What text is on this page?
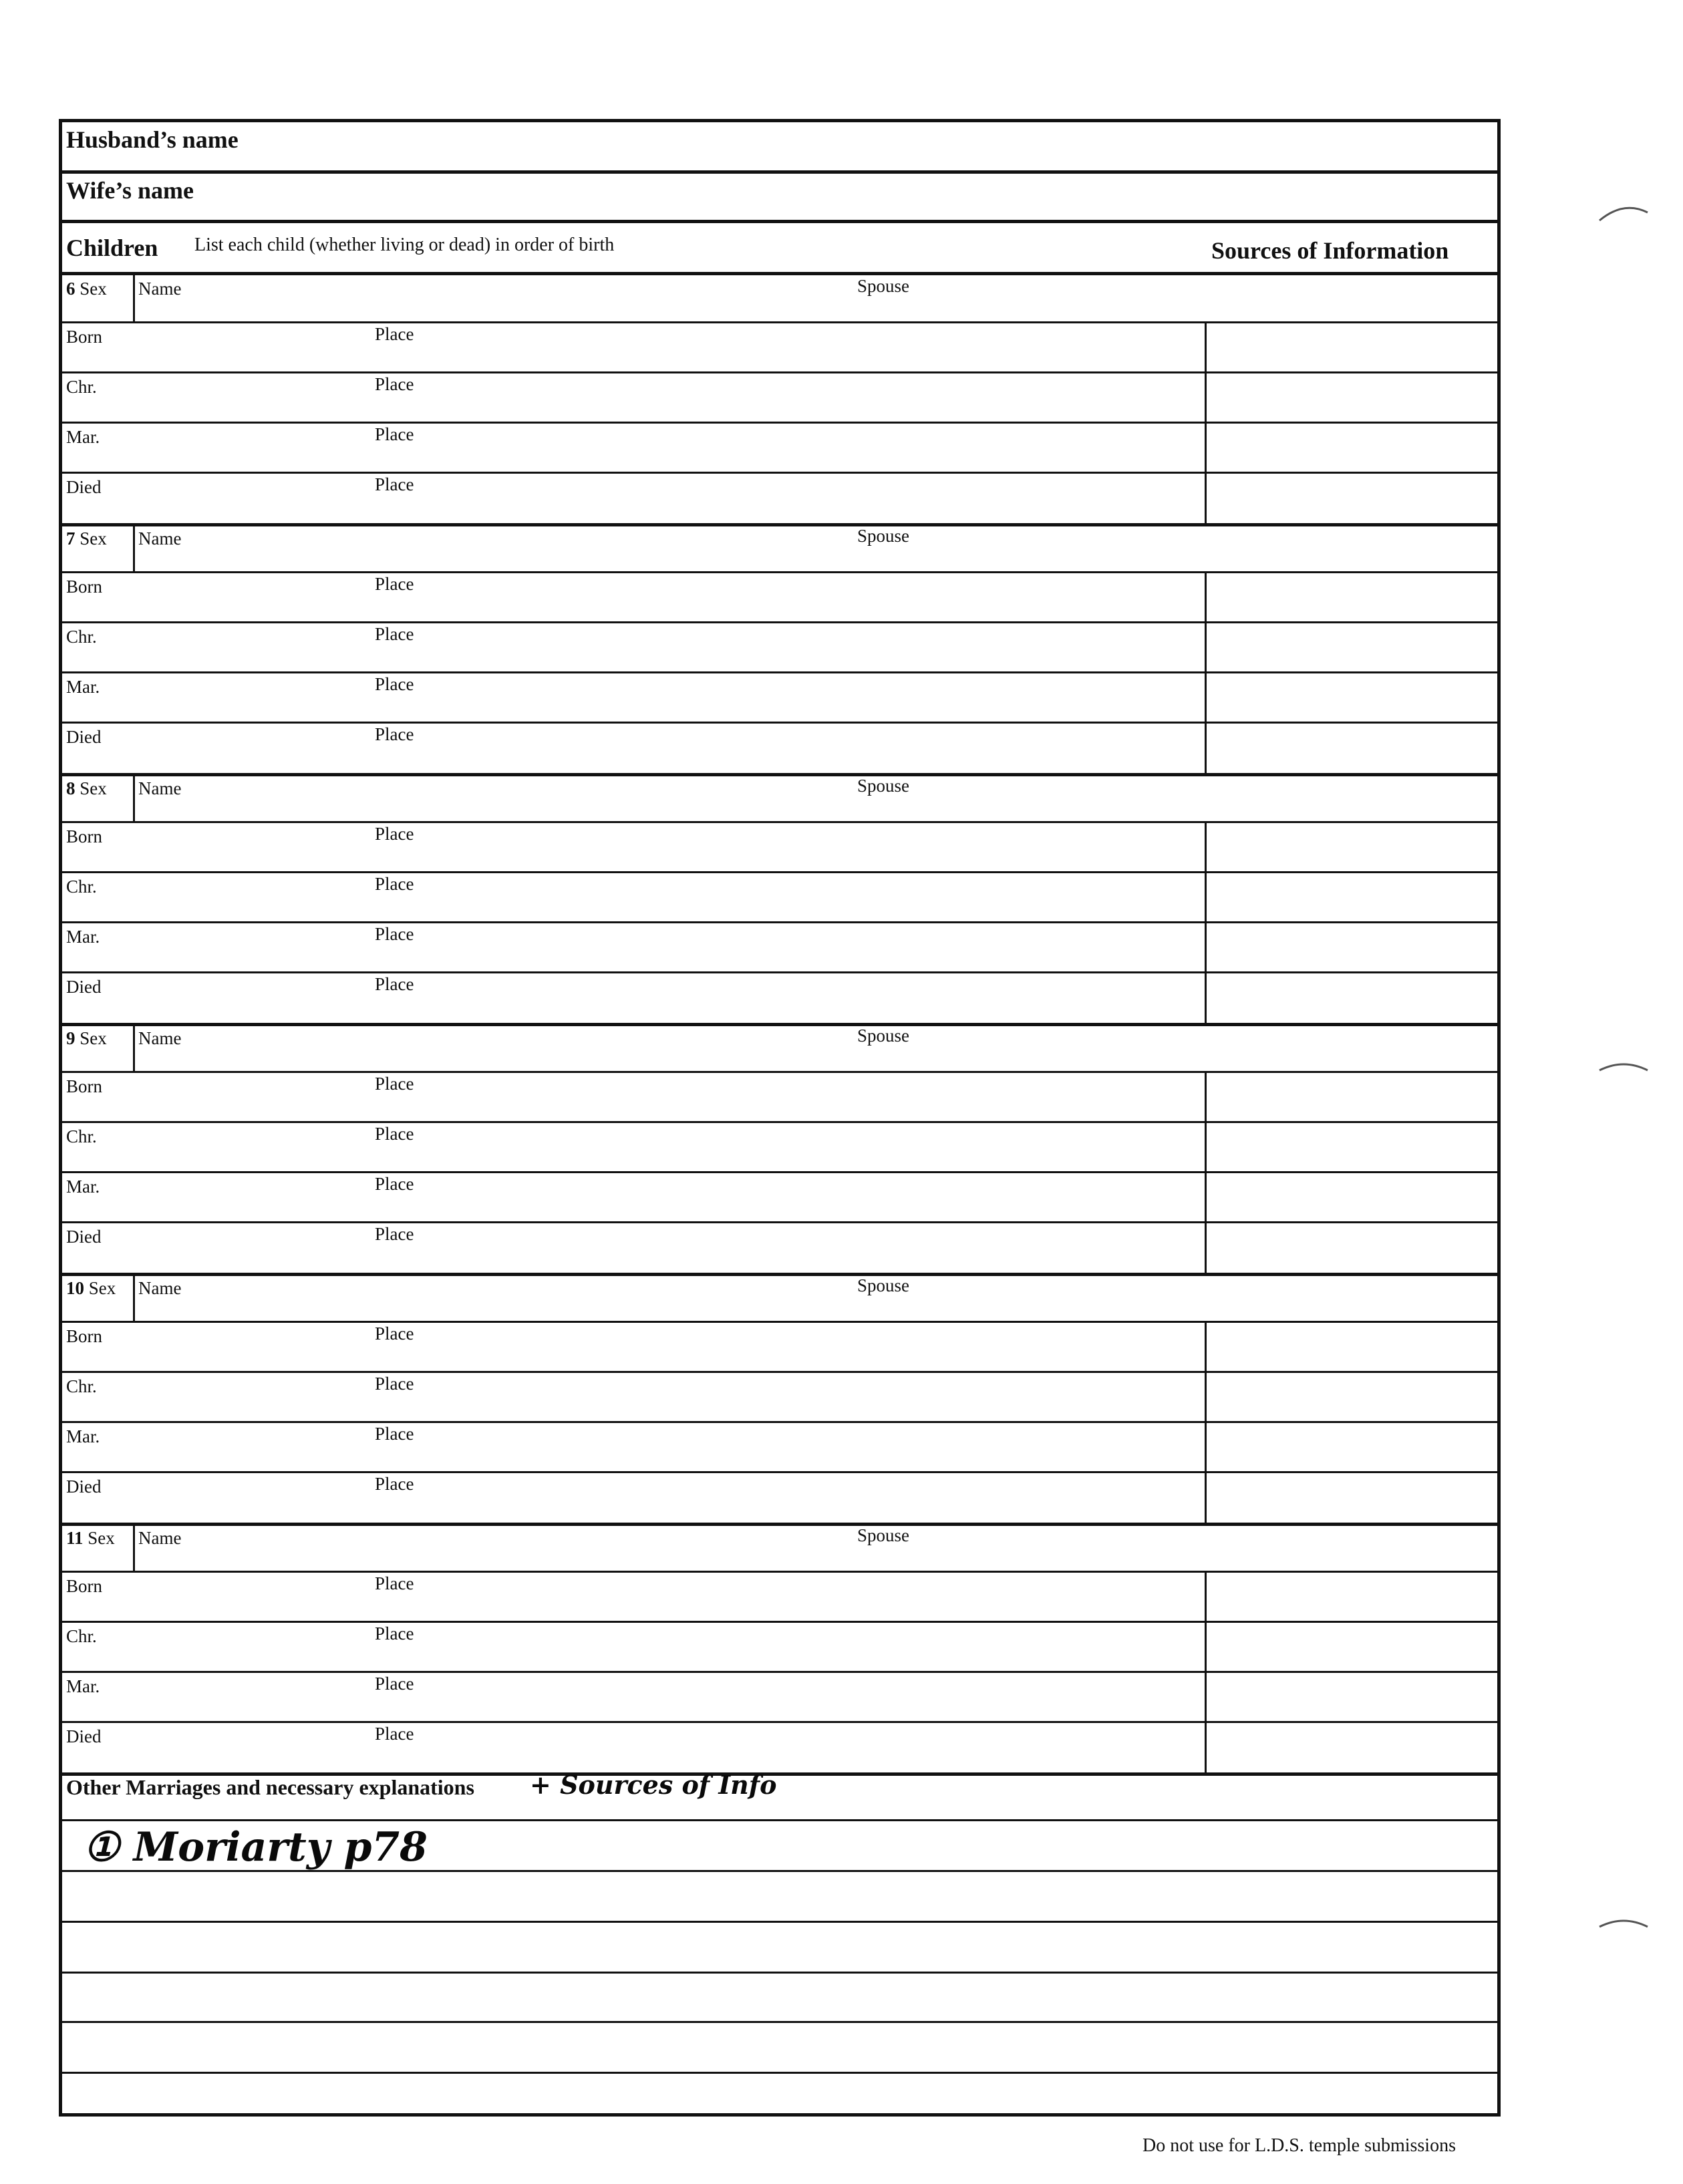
Husband’s name
Wife’s name
Children List each child (whether living or dead) in order of birth	Sources of Information
6 Sex Name	Spouse
Born	Place
Chr.	Place
Mar.	Place
Died	Place
7 Sex Name	Spouse
Born	Place
Chr.	Place
Mar.	Place
Died	Place
8 Sex Name	Spouse
Born	Place
Chr.	Place
Mar.	Place
Died	Place
9 Sex Name	Spouse
Born	Place
Chr.	Place
Mar.	Place
Died	Place
10 Sex Name	Spouse
Born	Place
Chr.	Place
Mar.	Place
Died	Place
11 Sex Name	Spouse
Born	Place
Chr.	Place
Mar.	Place
Died	Place
Other Marriages and necessary explanations + Sources of Info
① Moriarty p78
Do not use for L.D.S. temple submissions
